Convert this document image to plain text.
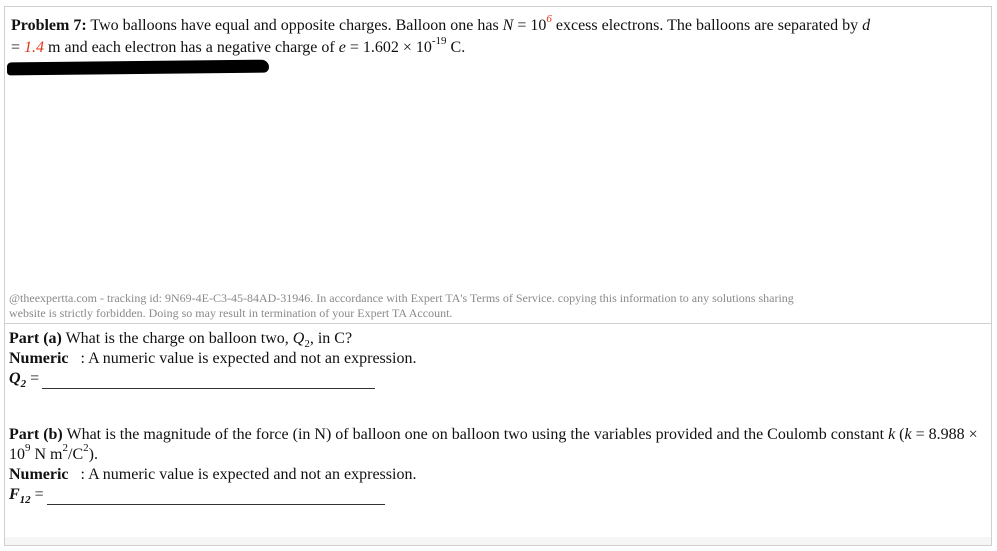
Problem 7: Two balloons have equal and opposite charges. Balloon one has $N = 10^6$ excess electrons. The balloons are separated by d
= 1.4 m and each electron has a negative charge of $e = 1.602 \times 10^{-19}$ C.
@theexpertta.com - tracking id: 9N69-4E-C3-45-84AD-31946. In accordance with Expert TA's Terms of Service. copying this information to any solutions sharing
website is strictly forbidden. Doing so may result in termination of your Expert TA Account.
Part (a) What is the charge on balloon two, $Q_2$, in C?
Numeric : A numeric value is expected and not an expression.
$Q_2$ =
Part (b) What is the magnitude of the force (in N) of balloon one on balloon two using the variables provided and the Coulomb constant k (k = 8.988 ×
$10^9$ N $m^2/C^2$).
Numeric : A numeric value is expected and not an expression.
$F_{12}$ =
